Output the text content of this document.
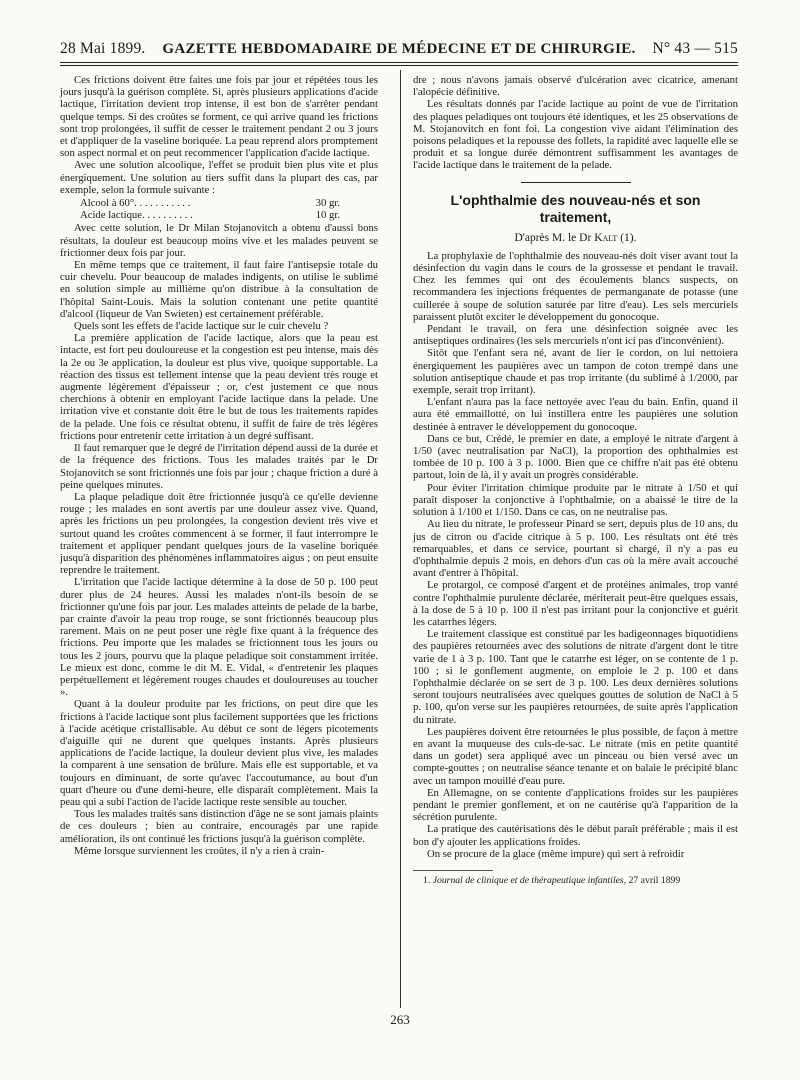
28 Mai 1899. GAZETTE HEBDOMADAIRE DE MÉDECINE ET DE CHIRURGIE. N° 43 — 515

Ces frictions doivent être faites une fois par jour et répétées tous les jours jusqu'à la guérison complète. Si, après plusieurs applications d'acide lactique, l'irritation devient trop intense, il est bon de s'arrêter pendant quelque temps. Si des croûtes se forment, ce qui arrive quand les frictions sont trop prolongées, il suffit de cesser le traitement pendant 2 ou 3 jours et d'appliquer de la vaseline boriquée. La peau reprend alors promptement son aspect normal et on peut recommencer l'application d'acide lactique.

Avec une solution alcoolique, l'effet se produit bien plus vite et plus énergiquement. Une solution au tiers suffit dans la plupart des cas, par exemple, selon la formule suivante :

Alcool à 60°. . . . . . . . . . .	30 gr.
Acide lactique. . . . . . . . . .	10 gr.

Avec cette solution, le Dr Milan Stojanovitch a obtenu d'aussi bons résultats, la douleur est beaucoup moins vive et les malades peuvent se frictionner deux fois par jour.

En même temps que ce traitement, il faut faire l'antisepsie totale du cuir chevelu. Pour beaucoup de malades indigents, on utilise le sublimé en solution simple au millième qu'on distribue à la consultation de l'hôpital Saint-Louis. Mais la solution contenant une petite quantité d'alcool (liqueur de Van Swieten) est certainement préférable.

Quels sont les effets de l'acide lactique sur le cuir chevelu ?

La première application de l'acide lactique, alors que la peau est intacte, est fort peu douloureuse et la congestion est peu intense, mais dès la 2e ou 3e application, la douleur est plus vive, quoique supportable. La réaction des tissus est tellement intense que la peau devient très rouge et augmente légèrement d'épaisseur ; or, c'est justement ce que nous cherchions à obtenir en employant l'acide lactique dans la pelade. Une irritation vive et constante doit être le but de tous les traitements rapides de la pelade. Une fois ce résultat obtenu, il suffit de faire de très légères frictions pour entretenir cette irritation à un degré suffisant.

Il faut remarquer que le degré de l'irritation dépend aussi de la durée et de la fréquence des frictions. Tous les malades traités par le Dr Stojanovitch se sont frictionnés une fois par jour ; chaque friction a duré à peine quelques minutes.

La plaque peladique doit être frictionnée jusqu'à ce qu'elle devienne rouge ; les malades en sont avertis par une douleur assez vive. Quand, après les frictions un peu prolongées, la congestion devient très vive et surtout quand les croûtes commencent à se former, il faut interrompre le traitement et appliquer pendant quelques jours de la vaseline boriquée jusqu'à disparition des phénomènes inflammatoires aigus ; on peut ensuite reprendre le traitement.

L'irritation que l'acide lactique détermine à la dose de 50 p. 100 peut durer plus de 24 heures. Aussi les malades n'ont-ils besoin de se frictionner qu'une fois par jour. Les malades atteints de pelade de la barbe, par crainte d'avoir la peau trop rouge, se sont frictionnés beaucoup plus rarement. Mais on ne peut poser une règle fixe quant à la fréquence des frictions. Peu importe que les malades se frictionnent tous les jours ou tous les 2 jours, pourvu que la plaque peladique soit constamment irritée. Le mieux est donc, comme le dit M. E. Vidal, « d'entretenir les plaques perpétuellement et légèrement rouges chaudes et douloureuses au toucher ».

Quant à la douleur produite par les frictions, on peut dire que les frictions à l'acide lactique sont plus facilement supportées que les frictions à l'acide acétique cristallisable. Au début ce sont de légers picotements d'aiguille qui ne durent que quelques instants. Après plusieurs applications de l'acide lactique, la douleur devient plus vive, les malades la comparent à une sensation de brûlure. Mais elle est supportable, et va toujours en diminuant, de sorte qu'avec l'accoutumance, au bout d'un quart d'heure ou d'une demi-heure, elle disparaît complètement. Mais la peau qui a subi l'action de l'acide lactique reste sensible au toucher.

Tous les malades traités sans distinction d'âge ne se sont jamais plaints de ces douleurs ; bien au contraire, encouragés par une rapide amélioration, ils ont continué les frictions jusqu'à la guérison complète.

Même lorsque surviennent les croûtes, il n'y a rien à crain-

dre ; nous n'avons jamais observé d'ulcération avec cicatrice, amenant l'alopécie définitive.

Les résultats donnés par l'acide lactique au point de vue de l'irritation des plaques peladiques ont toujours été identiques, et les 25 observations de M. Stojanovitch en font foi. La congestion vive aidant l'élimination des poisons peladiques et la repousse des follets, la rapidité avec laquelle elle se produit et sa longue durée démontrent suffisamment les avantages de l'acide lactique dans le traitement de la pelade.

L'ophthalmie des nouveau-nés et son traitement,
D'après M. le Dr Kalt (1).

La prophylaxie de l'ophthalmie des nouveau-nés doit viser avant tout la désinfection du vagin dans le cours de la grossesse et pendant le travail. Chez les femmes qui ont des écoulements blancs suspects, on recommandera les injections fréquentes de permanganate de potasse (une cuillerée à soupe de solution saturée par litre d'eau). Les sels mercuriels paraissent plutôt exciter le développement du gonocoque.

Pendant le travail, on fera une désinfection soignée avec les antiseptiques ordinaires (les sels mercuriels n'ont ici pas d'inconvénient).

Sitôt que l'enfant sera né, avant de lier le cordon, on lui nettoiera énergiquement les paupières avec un tampon de coton trempé dans une solution antiseptique chaude et pas trop irritante (du sublimé à 1/2000, par exemple, serait trop irritant).

L'enfant n'aura pas la face nettoyée avec l'eau du bain. Enfin, quand il aura été emmaillotté, on lui instillera entre les paupières une solution destinée à entraver le développement du gonocoque.

Dans ce but, Crédé, le premier en date, a employé le nitrate d'argent à 1/50 (avec neutralisation par NaCl), la proportion des ophthalmies est tombée de 10 p. 100 à 3 p. 1000. Bien que ce chiffre n'ait pas été obtenu partout, loin de là, il y avait un progrès considérable.

Pour éviter l'irritation chimique produite par le nitrate à 1/50 et qui paraît disposer la conjonctive à l'ophthalmie, on a abaissé le titre de la solution à 1/100 et 1/150. Dans ce cas, on ne neutralise pas.

Au lieu du nitrate, le professeur Pinard se sert, depuis plus de 10 ans, du jus de citron ou d'acide citrique à 5 p. 100. Les résultats ont été très remarquables, et dans ce service, pourtant si chargé, il n'y a pas eu d'ophthalmie depuis 2 mois, en dehors d'un cas où la mère avait accouché avant d'entrer à l'hôpital.

Le protargol, ce composé d'argent et de protéines animales, trop vanté contre l'ophthalmie purulente déclarée, mériterait peut-être quelques essais, à la dose de 5 à 10 p. 100 il n'est pas irritant pour la conjonctive et guérit les catarrhes légers.

Le traitement classique est constitué par les badigeonnages biquotidiens des paupières retournées avec des solutions de nitrate d'argent dont le titre varie de 1 à 3 p. 100. Tant que le catarrhe est léger, on se contente de 1 p. 100 ; si le gonflement augmente, on emploie le 2 p. 100 et dans l'ophthalmie déclarée on se sert de 3 p. 100. Les deux dernières solutions seront toujours neutralisées avec quelques gouttes de solution de NaCl à 5 p. 100, qu'on verse sur les paupières retournées, de suite après l'application du nitrate.

Les paupières doivent être retournées le plus possible, de façon à mettre en avant la muqueuse des culs-de-sac. Le nitrate (mis en petite quantité dans un godet) sera appliqué avec un pinceau ou bien versé avec un compte-gouttes ; on neutralise séance tenante et on balaie le précipité blanc avec un tampon mouillé d'eau pure.

En Allemagne, on se contente d'applications froides sur les paupières pendant le premier gonflement, et on ne cautérise qu'à l'apparition de la sécrétion purulente.

La pratique des cautérisations dès le début paraît préférable ; mais il est bon d'y ajouter les applications froides.

On se procure de la glace (même impure) qui sert à refroidir

1. Journal de clinique et de thérapeutique infantiles, 27 avril 1899
263
